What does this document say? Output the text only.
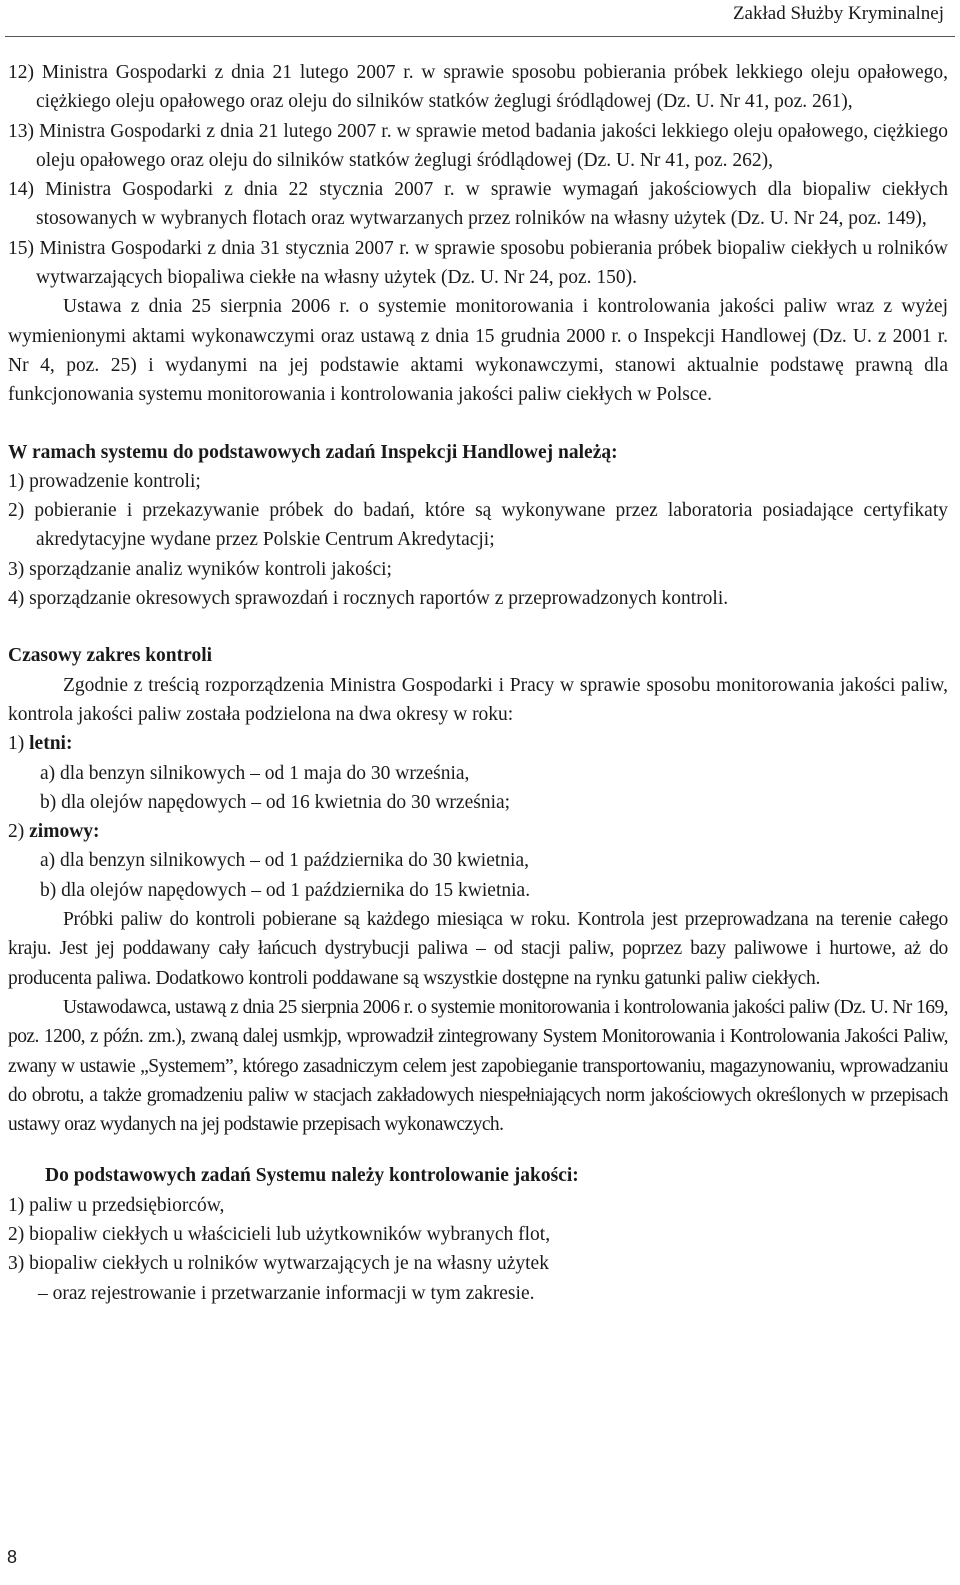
Zakład Służby Kryminalnej

12) Ministra Gospodarki z dnia 21 lutego 2007 r. w sprawie sposobu pobierania próbek lekkiego oleju opałowego, ciężkiego oleju opałowego oraz oleju do silników statków żeglugi śródlądowej (Dz. U. Nr 41, poz. 261),

13) Ministra Gospodarki z dnia 21 lutego 2007 r. w sprawie metod badania jakości lekkiego oleju opałowego, ciężkiego oleju opałowego oraz oleju do silników statków żeglugi śródlądowej (Dz. U. Nr 41, poz. 262),

14) Ministra Gospodarki z dnia 22 stycznia 2007 r. w sprawie wymagań jakościowych dla biopaliw ciekłych stosowanych w wybranych flotach oraz wytwarzanych przez rolników na własny użytek (Dz. U. Nr 24, poz. 149),

15) Ministra Gospodarki z dnia 31 stycznia 2007 r. w sprawie sposobu pobierania próbek biopaliw ciekłych u rolników wytwarzających biopaliwa ciekłe na własny użytek (Dz. U. Nr 24, poz. 150).

Ustawa z dnia 25 sierpnia 2006 r. o systemie monitorowania i kontrolowania jakości paliw wraz z wyżej wymienionymi aktami wykonawczymi oraz ustawą z dnia 15 grudnia 2000 r. o Inspekcji Handlowej (Dz. U. z 2001 r. Nr 4, poz. 25) i wydanymi na jej podstawie aktami wykonawczymi, stanowi aktualnie podstawę prawną dla funkcjonowania systemu monitorowania i kontrolowania jakości paliw ciekłych w Polsce.

W ramach systemu do podstawowych zadań Inspekcji Handlowej należą:

1) prowadzenie kontroli;

2) pobieranie i przekazywanie próbek do badań, które są wykonywane przez laboratoria posiadające certyfikaty akredytacyjne wydane przez Polskie Centrum Akredytacji;

3) sporządzanie analiz wyników kontroli jakości;

4) sporządzanie okresowych sprawozdań i rocznych raportów z przeprowadzonych kontroli.

Czasowy zakres kontroli

Zgodnie z treścią rozporządzenia Ministra Gospodarki i Pracy w sprawie sposobu monitorowania jakości paliw, kontrola jakości paliw została podzielona na dwa okresy w roku:

1) letni:

a) dla benzyn silnikowych – od 1 maja do 30 września,

b) dla olejów napędowych – od 16 kwietnia do 30 września;

2) zimowy:

a) dla benzyn silnikowych – od 1 października do 30 kwietnia,

b) dla olejów napędowych – od 1 października do 15 kwietnia.

Próbki paliw do kontroli pobierane są każdego miesiąca w roku. Kontrola jest przeprowadzana na terenie całego kraju. Jest jej poddawany cały łańcuch dystrybucji paliwa – od stacji paliw, poprzez bazy paliwowe i hurtowe, aż do producenta paliwa. Dodatkowo kontroli poddawane są wszystkie dostępne na rynku gatunki paliw ciekłych.

Ustawodawca, ustawą z dnia 25 sierpnia 2006 r. o systemie monitorowania i kontrolowania jakości paliw (Dz. U. Nr 169, poz. 1200, z późn. zm.), zwaną dalej usmkjp, wprowadził zintegrowany System Monitorowania i Kontrolowania Jakości Paliw, zwany w ustawie „Systemem”, którego zasadniczym celem jest zapobieganie transportowaniu, magazynowaniu, wprowadzaniu do obrotu, a także gromadzeniu paliw w stacjach zakładowych niespełniających norm jakościowych określonych w przepisach ustawy oraz wydanych na jej podstawie przepisach wykonawczych.

Do podstawowych zadań Systemu należy kontrolowanie jakości:

1) paliw u przedsiębiorców,

2) biopaliw ciekłych u właścicieli lub użytkowników wybranych flot,

3) biopaliw ciekłych u rolników wytwarzających je na własny użytek

– oraz rejestrowanie i przetwarzanie informacji w tym zakresie.

8
